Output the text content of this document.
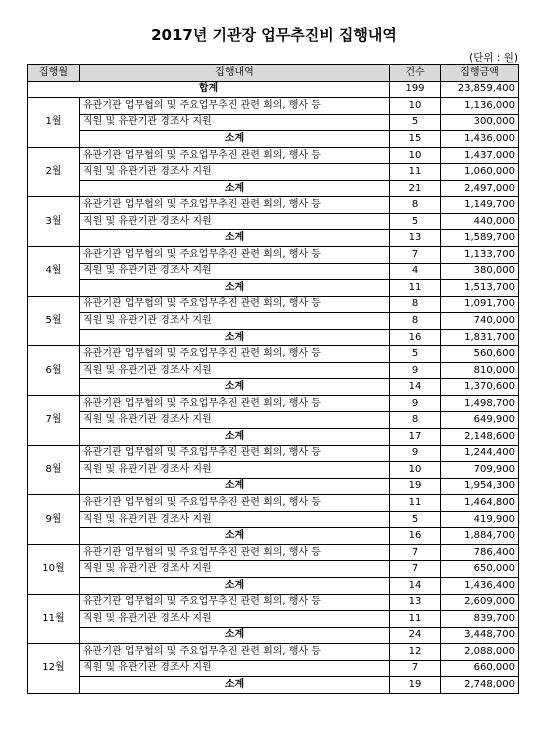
2017년 기관장 업무추진비 집행내역
(단위 : 원)
집행월	집행내역	건수	집행금액
합계		199	23,859,400
1월	유관기관 업무협의 및 주요업무추진 관련 회의, 행사 등	10	1,136,000
	직원 및 유관기관 경조사 지원	5	300,000
	소계	15	1,436,000
2월	유관기관 업무협의 및 주요업무추진 관련 회의, 행사 등	10	1,437,000
	직원 및 유관기관 경조사 지원	11	1,060,000
	소계	21	2,497,000
3월	유관기관 업무협의 및 주요업무추진 관련 회의, 행사 등	8	1,149,700
	직원 및 유관기관 경조사 지원	5	440,000
	소계	13	1,589,700
4월	유관기관 업무협의 및 주요업무추진 관련 회의, 행사 등	7	1,133,700
	직원 및 유관기관 경조사 지원	4	380,000
	소계	11	1,513,700
5월	유관기관 업무협의 및 주요업무추진 관련 회의, 행사 등	8	1,091,700
	직원 및 유관기관 경조사 지원	8	740,000
	소계	16	1,831,700
6월	유관기관 업무협의 및 주요업무추진 관련 회의, 행사 등	5	560,600
	직원 및 유관기관 경조사 지원	9	810,000
	소계	14	1,370,600
7월	유관기관 업무협의 및 주요업무추진 관련 회의, 행사 등	9	1,498,700
	직원 및 유관기관 경조사 지원	8	649,900
	소계	17	2,148,600
8월	유관기관 업무협의 및 주요업무추진 관련 회의, 행사 등	9	1,244,400
	직원 및 유관기관 경조사 지원	10	709,900
	소계	19	1,954,300
9월	유관기관 업무협의 및 주요업무추진 관련 회의, 행사 등	11	1,464,800
	직원 및 유관기관 경조사 지원	5	419,900
	소계	16	1,884,700
10월	유관기관 업무협의 및 주요업무추진 관련 회의, 행사 등	7	786,400
	직원 및 유관기관 경조사 지원	7	650,000
	소계	14	1,436,400
11월	유관기관 업무협의 및 주요업무추진 관련 회의, 행사 등	13	2,609,000
	직원 및 유관기관 경조사 지원	11	839,700
	소계	24	3,448,700
12월	유관기관 업무협의 및 주요업무추진 관련 회의, 행사 등	12	2,088,000
	직원 및 유관기관 경조사 지원	7	660,000
	소계	19	2,748,000
